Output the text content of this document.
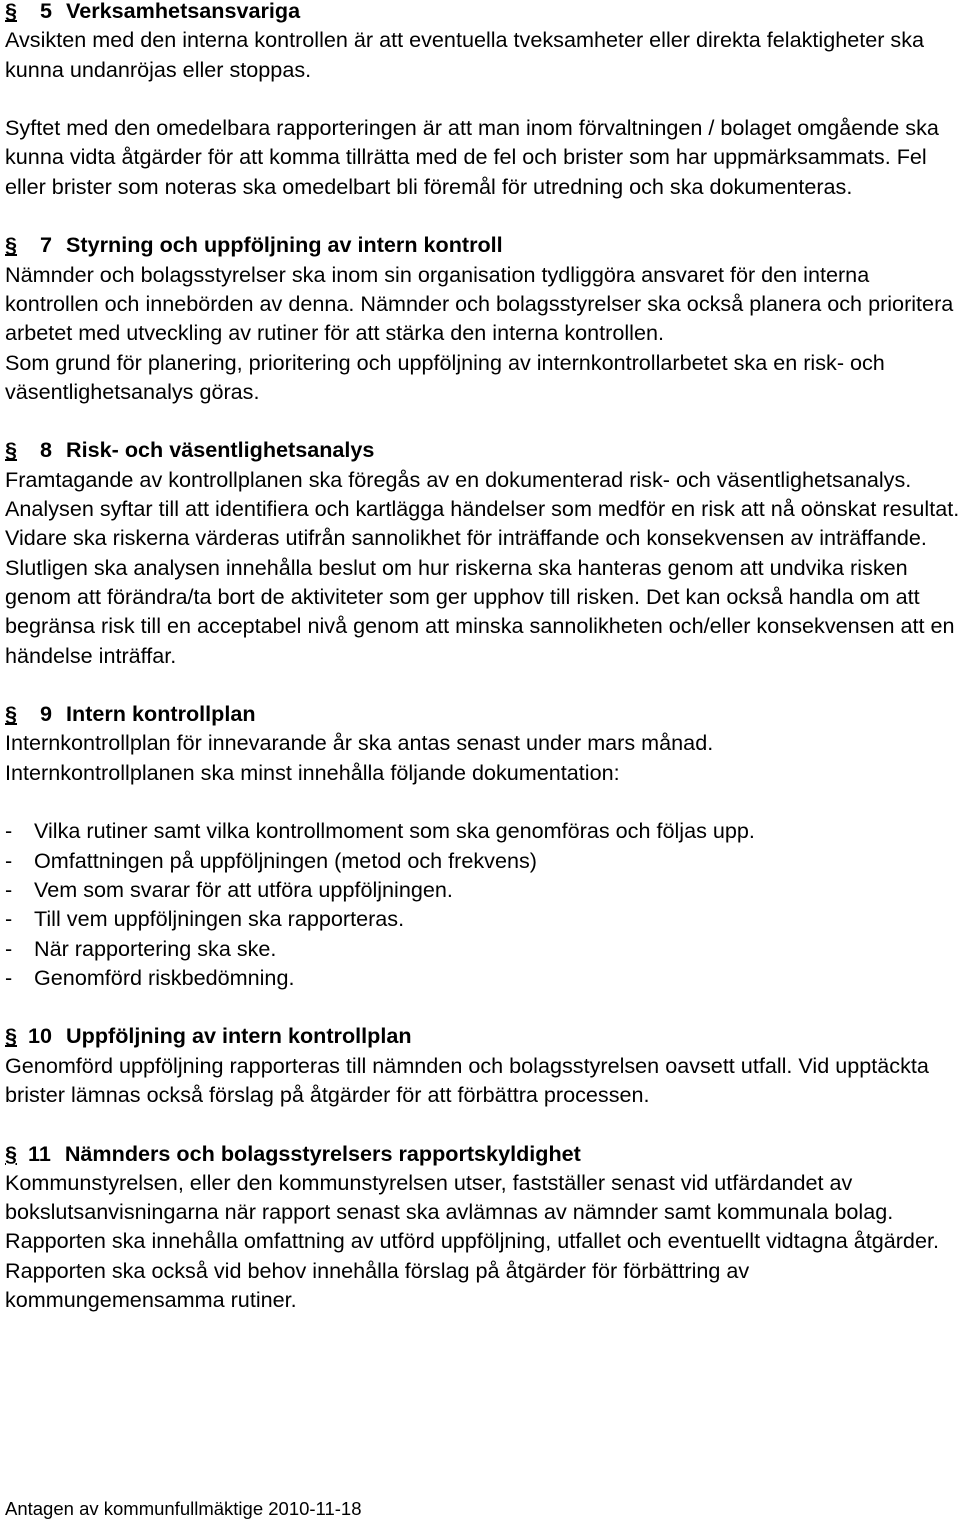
§	5 Verksamhetsansvariga

Avsikten med den interna kontrollen är att eventuella tveksamheter eller direkta felaktigheter ska kunna undanröjas eller stoppas.

Syftet med den omedelbara rapporteringen är att man inom förvaltningen / bolaget omgående ska kunna vidta åtgärder för att komma tillrätta med de fel och brister som har uppmärksammats. Fel eller brister som noteras ska omedelbart bli föremål för utredning och ska dokumenteras.

§	7 Styrning och uppföljning av intern kontroll

Nämnder och bolagsstyrelser ska inom sin organisation tydliggöra ansvaret för den interna kontrollen och innebörden av denna. Nämnder och bolagsstyrelser ska också planera och prioritera arbetet med utveckling av rutiner för att stärka den interna kontrollen.

Som grund för planering, prioritering och uppföljning av internkontrollarbetet ska en risk- och väsentlighetsanalys göras.

§	8 Risk- och väsentlighetsanalys

Framtagande av kontrollplanen ska föregås av en dokumenterad risk- och väsentlighetsanalys. Analysen syftar till att identifiera och kartlägga händelser som medför en risk att nå oönskat resultat. Vidare ska riskerna värderas utifrån sannolikhet för inträffande och konsekvensen av inträffande. Slutligen ska analysen innehålla beslut om hur riskerna ska hanteras genom att undvika risken genom att förändra/ta bort de aktiviteter som ger upphov till risken. Det kan också handla om att begränsa risk till en acceptabel nivå genom att minska sannolikheten och/eller konsekvensen att en händelse inträffar.

§	9 Intern kontrollplan

Internkontrollplan för innevarande år ska antas senast under mars månad.

Internkontrollplanen ska minst innehålla följande dokumentation:

- Vilka rutiner samt vilka kontrollmoment som ska genomföras och följas upp.
- Omfattningen på uppföljningen (metod och frekvens)
- Vem som svarar för att utföra uppföljningen.
- Till vem uppföljningen ska rapporteras.
- När rapportering ska ske.
- Genomförd riskbedömning.
§ 10 Uppföljning av intern kontrollplan

Genomförd uppföljning rapporteras till nämnden och bolagsstyrelsen oavsett utfall. Vid upptäckta brister lämnas också förslag på åtgärder för att förbättra processen.

§ 11 Nämnders och bolagsstyrelsers rapportskyldighet

Kommunstyrelsen, eller den kommunstyrelsen utser, fastställer senast vid utfärdandet av bokslutsanvisningarna när rapport senast ska avlämnas av nämnder samt kommunala bolag. Rapporten ska innehålla omfattning av utförd uppföljning, utfallet och eventuellt vidtagna åtgärder. Rapporten ska också vid behov innehålla förslag på åtgärder för förbättring av kommungemensamma rutiner.

Antagen av kommunfullmäktige 2010-11-18
